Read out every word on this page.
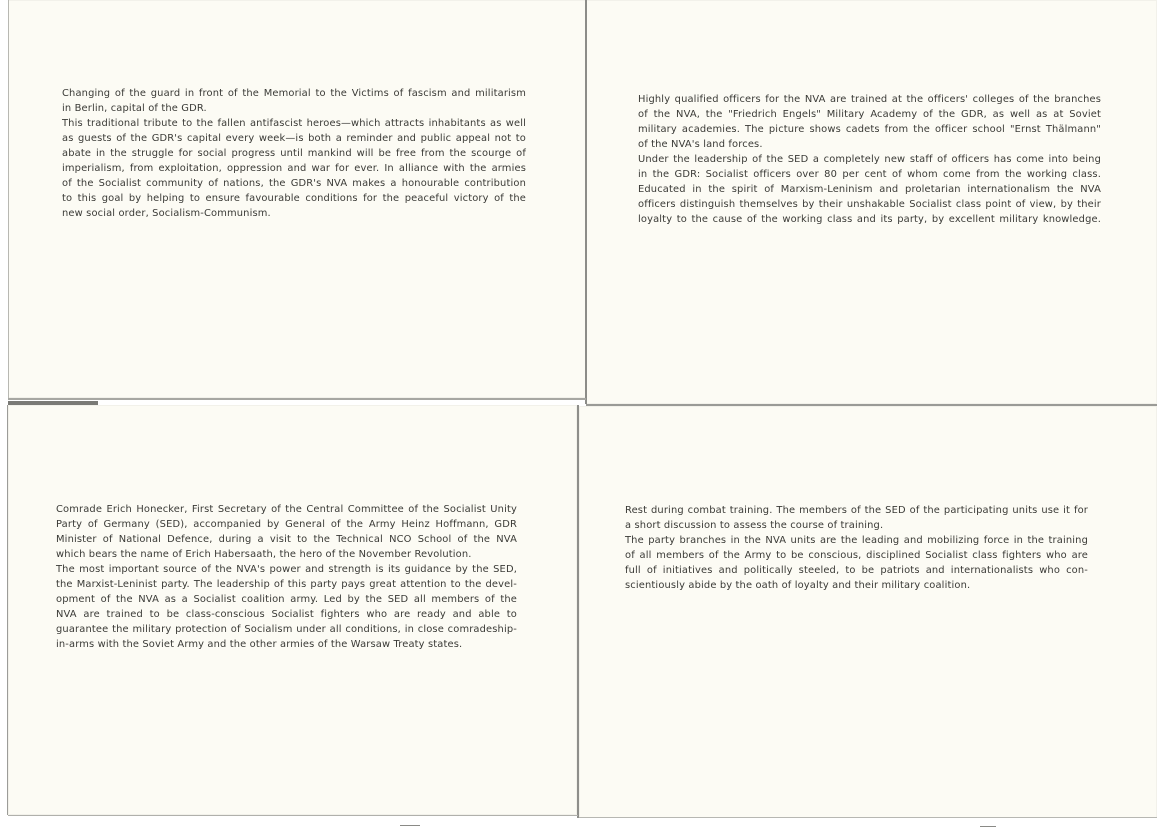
Changing of the guard in front of the Memorial to the Victims of fascism and militarism
in Berlin, capital of the GDR.
This traditional tribute to the fallen antifascist heroes—which attracts inhabitants as well
as guests of the GDR's capital every week—is both a reminder and public appeal not to
abate in the struggle for social progress until mankind will be free from the scourge of
imperialism, from exploitation, oppression and war for ever. In alliance with the armies
of the Socialist community of nations, the GDR's NVA makes a honourable contribution
to this goal by helping to ensure favourable conditions for the peaceful victory of the
new social order, Socialism-Communism.
Highly qualified officers for the NVA are trained at the officers' colleges of the branches
of the NVA, the "Friedrich Engels" Military Academy of the GDR, as well as at Soviet
military academies. The picture shows cadets from the officer school "Ernst Thälmann"
of the NVA's land forces.
Under the leadership of the SED a completely new staff of officers has come into being
in the GDR: Socialist officers over 80 per cent of whom come from the working class.
Educated in the spirit of Marxism-Leninism and proletarian internationalism the NVA
officers distinguish themselves by their unshakable Socialist class point of view, by their
loyalty to the cause of the working class and its party, by excellent military knowledge.
Comrade Erich Honecker, First Secretary of the Central Committee of the Socialist Unity
Party of Germany (SED), accompanied by General of the Army Heinz Hoffmann, GDR
Minister of National Defence, during a visit to the Technical NCO School of the NVA
which bears the name of Erich Habersaath, the hero of the November Revolution.
The most important source of the NVA's power and strength is its guidance by the SED,
the Marxist-Leninist party. The leadership of this party pays great attention to the devel-
opment of the NVA as a Socialist coalition army. Led by the SED all members of the
NVA are trained to be class-conscious Socialist fighters who are ready and able to
guarantee the military protection of Socialism under all conditions, in close comradeship-
in-arms with the Soviet Army and the other armies of the Warsaw Treaty states.
Rest during combat training. The members of the SED of the participating units use it for
a short discussion to assess the course of training.
The party branches in the NVA units are the leading and mobilizing force in the training
of all members of the Army to be conscious, disciplined Socialist class fighters who are
full of initiatives and politically steeled, to be patriots and internationalists who con-
scientiously abide by the oath of loyalty and their military coalition.
